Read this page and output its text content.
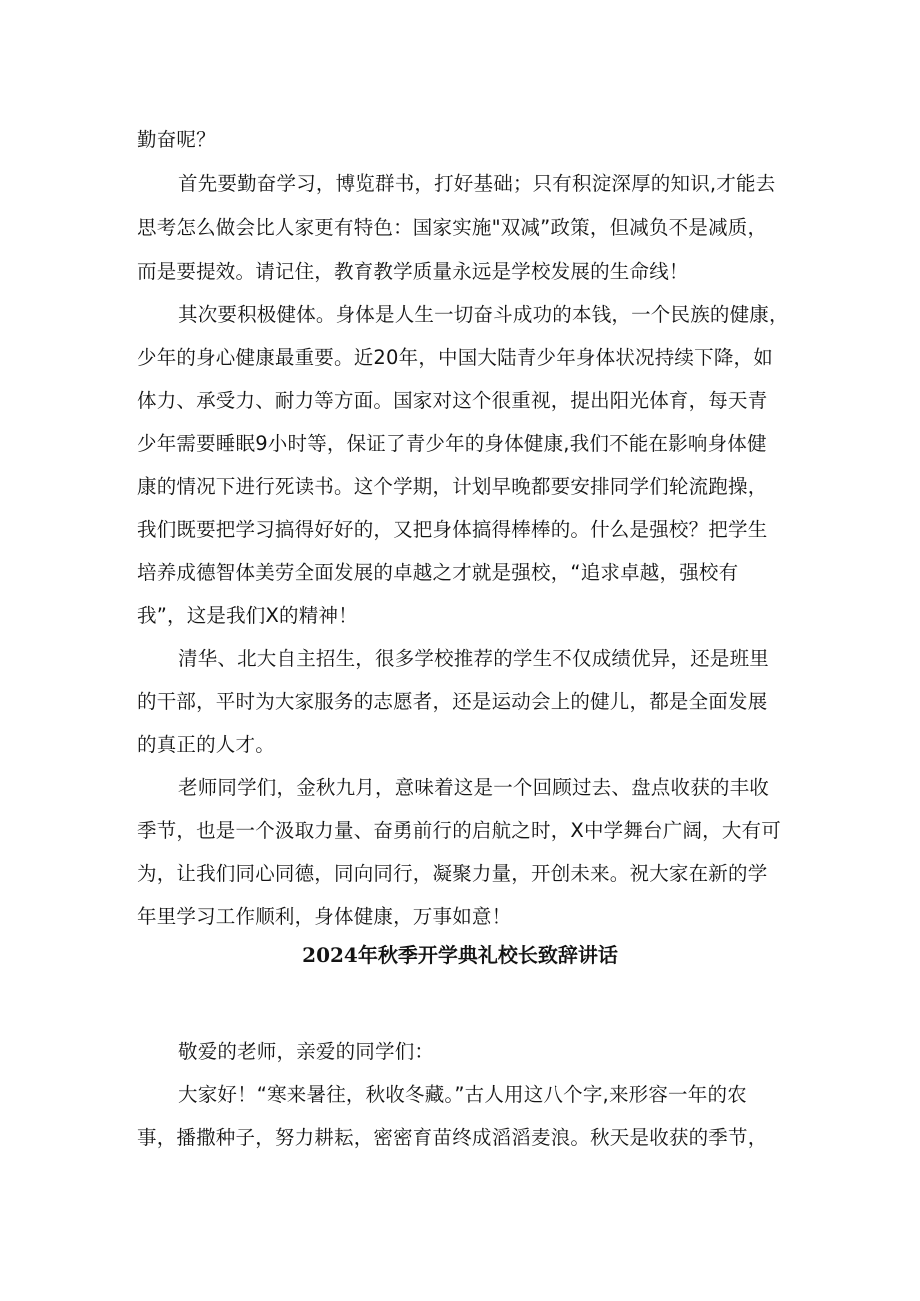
勤奋呢？
首先要勤奋学习，博览群书，打好基础；只有积淀深厚的知识,才能去
思考怎么做会比人家更有特色：国家实施"双减”政策，但减负不是减质，
而是要提效。请记住，教育教学质量永远是学校发展的生命线！
其次要积极健体。身体是人生一切奋斗成功的本钱，一个民族的健康，
少年的身心健康最重要。近20年，中国大陆青少年身体状况持续下降，如
体力、承受力、耐力等方面。国家对这个很重视，提出阳光体育，每天青
少年需要睡眠9小时等，保证了青少年的身体健康,我们不能在影响身体健
康的情况下进行死读书。这个学期，计划早晚都要安排同学们轮流跑操，
我们既要把学习搞得好好的，又把身体搞得棒棒的。什么是强校？把学生
培养成德智体美劳全面发展的卓越之才就是强校，“追求卓越，强校有
我”，这是我们X的精神！
清华、北大自主招生，很多学校推荐的学生不仅成绩优异，还是班里
的干部，平时为大家服务的志愿者，还是运动会上的健儿，都是全面发展
的真正的人才。
老师同学们，金秋九月，意味着这是一个回顾过去、盘点收获的丰收
季节，也是一个汲取力量、奋勇前行的启航之时，X中学舞台广阔，大有可
为，让我们同心同德，同向同行，凝聚力量，开创未来。祝大家在新的学
年里学习工作顺利，身体健康，万事如意！
2024年秋季开学典礼校长致辞讲话
敬爱的老师，亲爱的同学们：
大家好！“寒来暑往，秋收冬藏。”古人用这八个字,来形容一年的农
事，播撒种子，努力耕耘，密密育苗终成滔滔麦浪。秋天是收获的季节，
